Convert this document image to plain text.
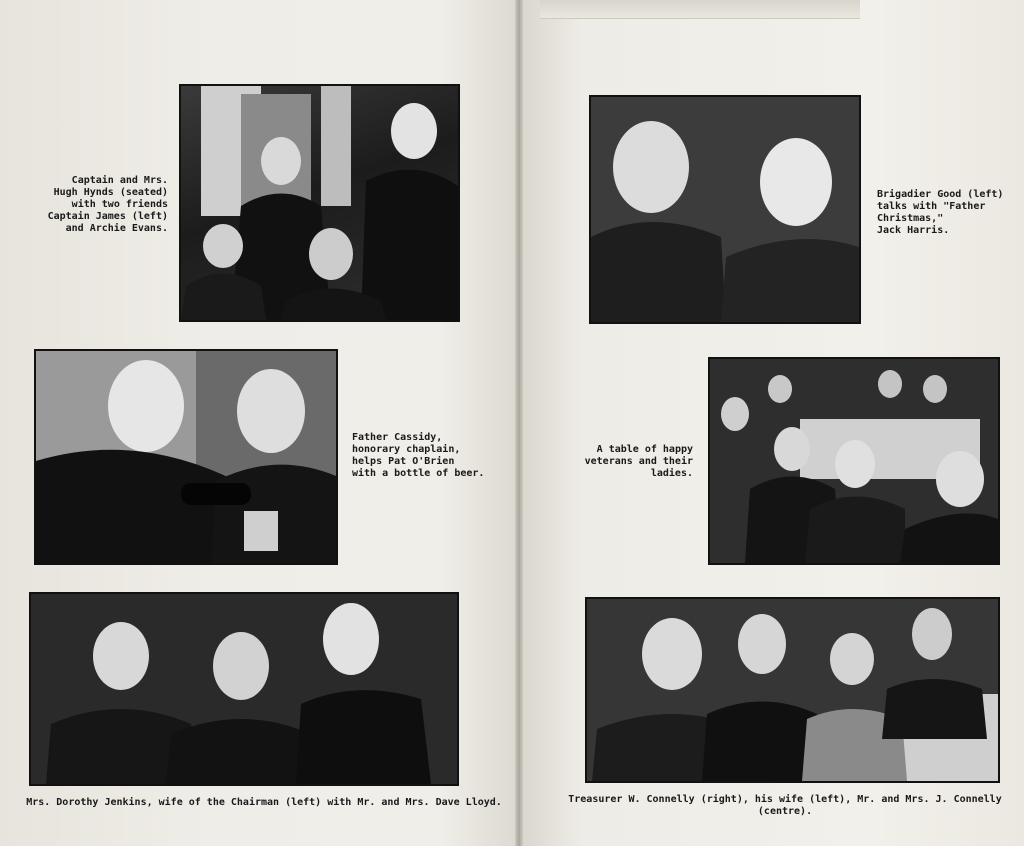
Captain and Mrs.
Hugh Hynds (seated)
with two friends
Captain James (left)
and Archie Evans.
Father Cassidy,
honorary chaplain,
helps Pat O'Brien
with a bottle of beer.
Mrs. Dorothy Jenkins, wife of the Chairman (left) with Mr. and Mrs. Dave Lloyd.
Brigadier Good (left)
talks with "Father
Christmas,"
Jack Harris.
A table of happy
veterans and their
ladies.
Treasurer W. Connelly (right), his wife (left), Mr. and Mrs. J. Connelly (centre).
